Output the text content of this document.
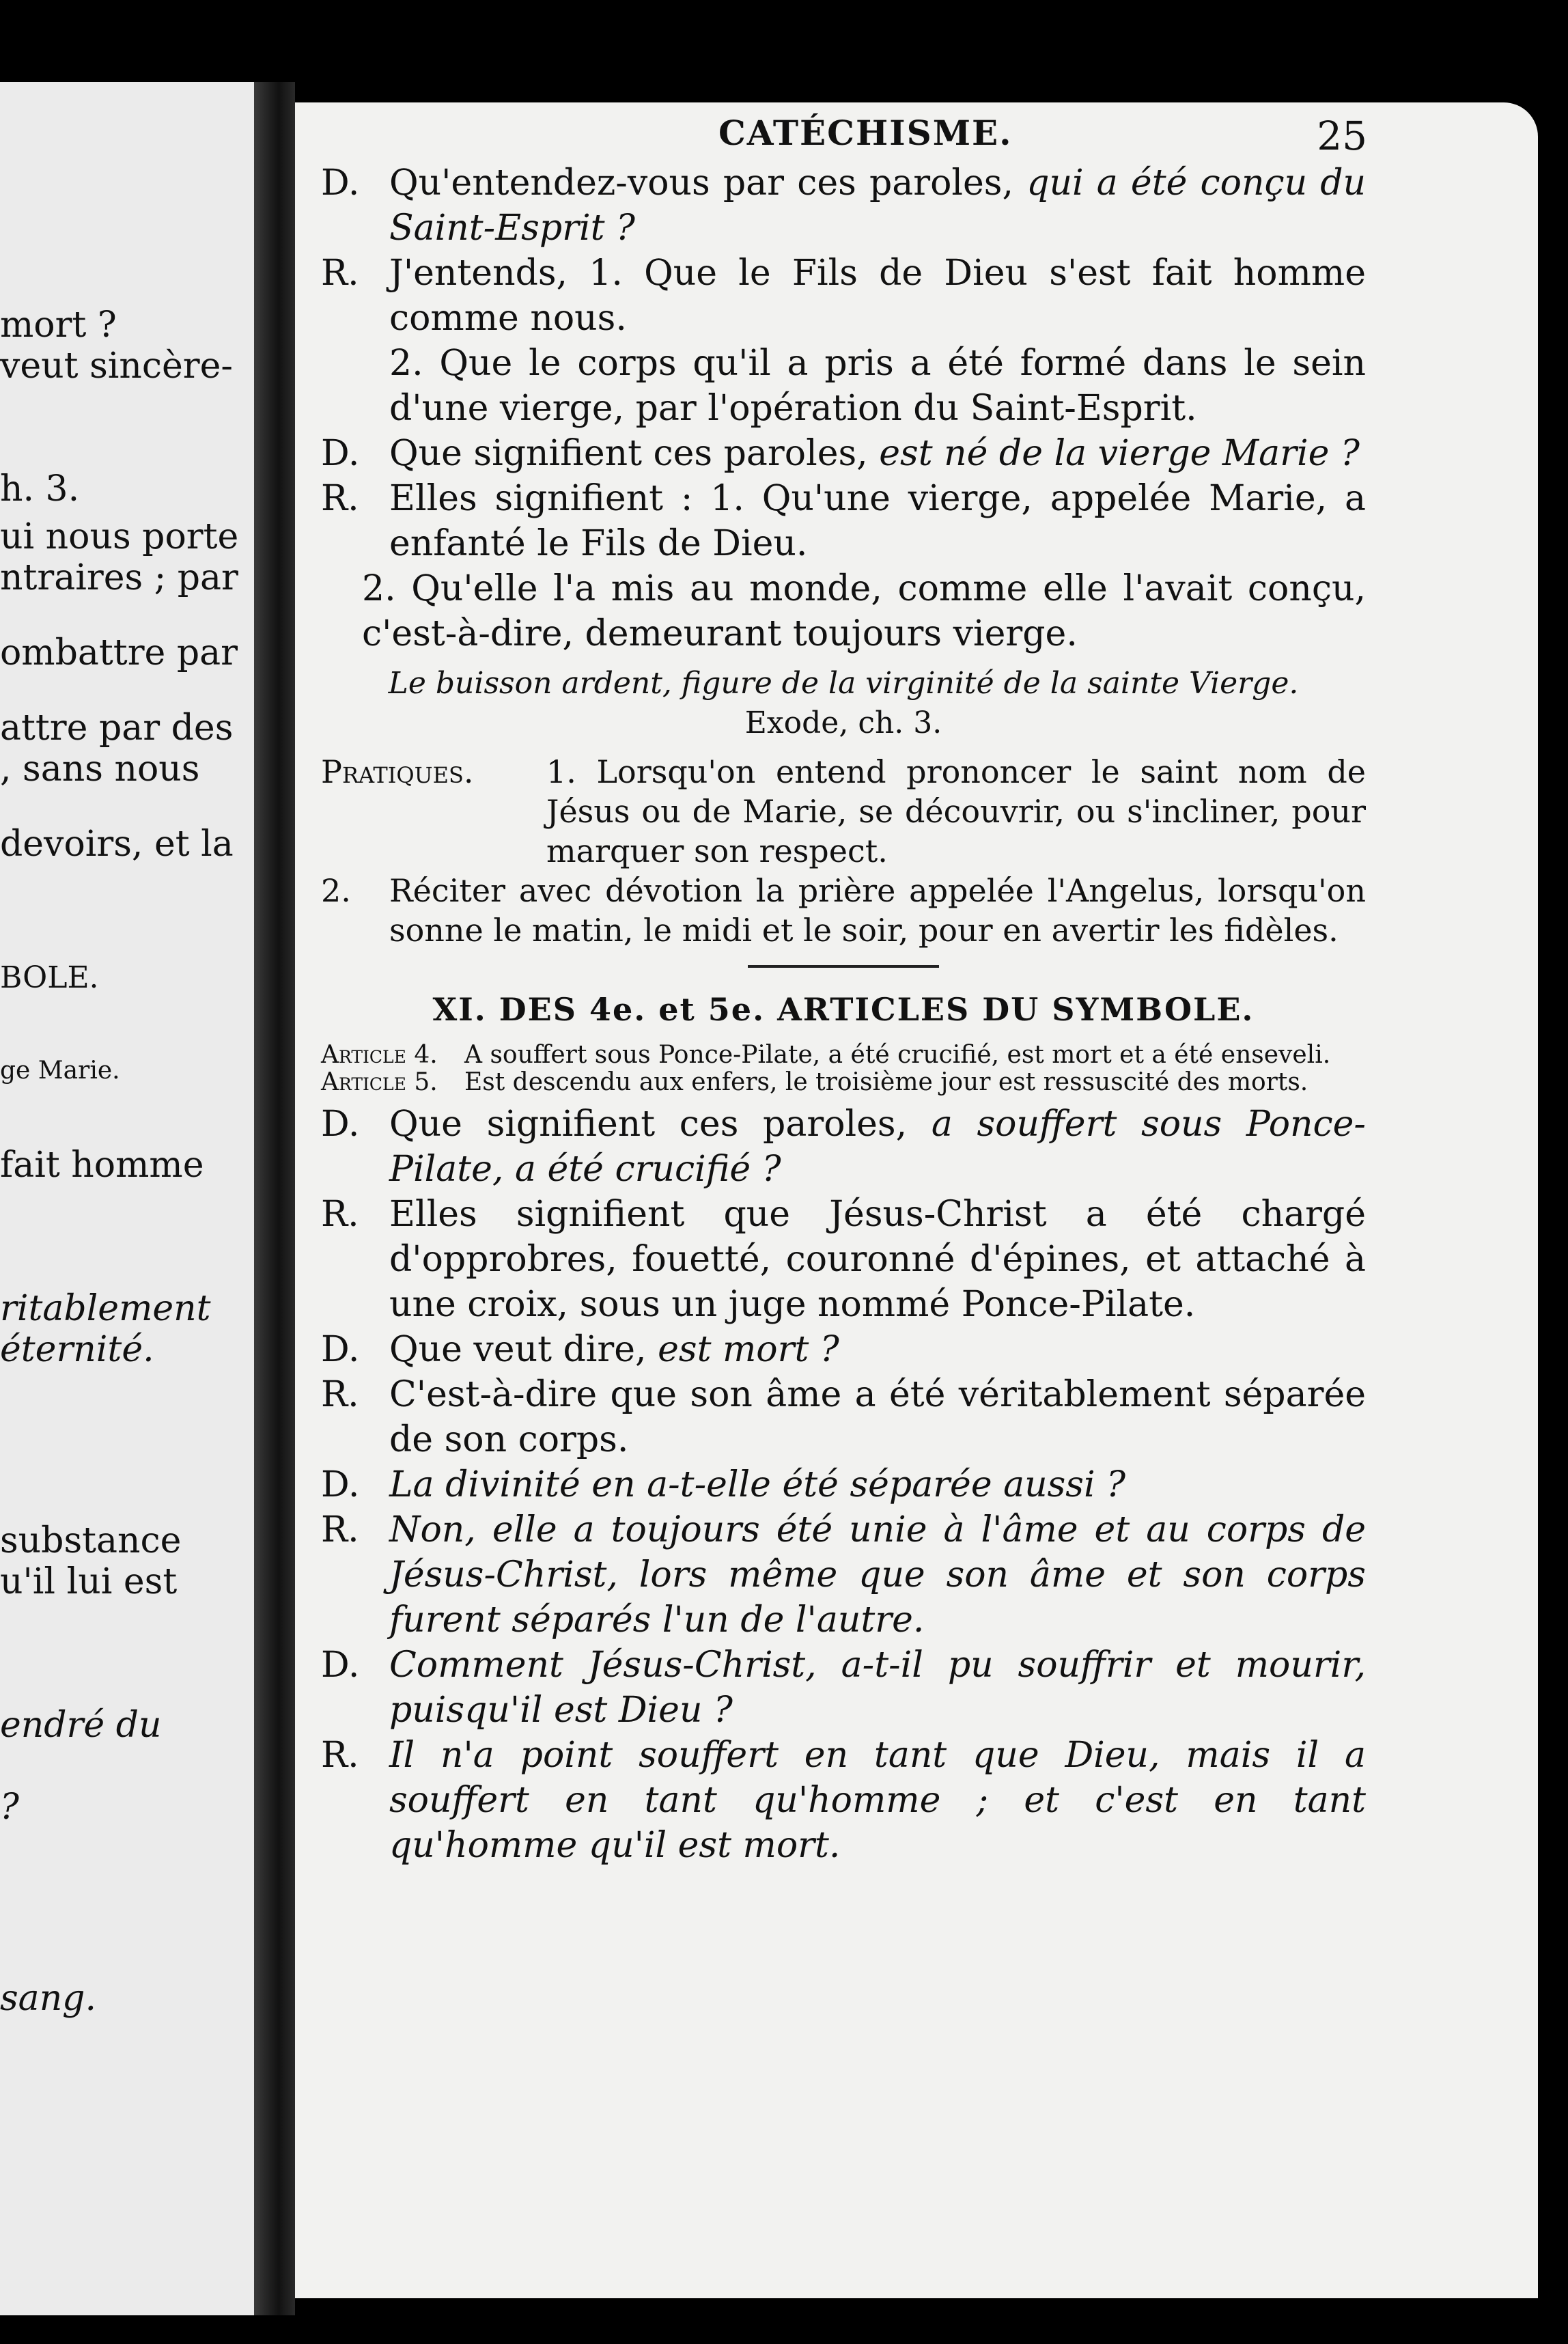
mort ?
veut sincère-
h. 3.
ui nous porte
ntraires ; par
ombattre par
attre par des
, sans nous
devoirs, et la
BOLE.
ge Marie.
fait homme
ritablement
éternité.
substance
u'il lui est
endré du
?
sang.
CATÉCHISME.	25
D. Qu'entendez-vous par ces paroles, qui a été conçu du Saint-Esprit ?
R. J'entends, 1. Que le Fils de Dieu s'est fait homme comme nous.
2. Que le corps qu'il a pris a été formé dans le sein d'une vierge, par l'opération du Saint-Esprit.
D. Que signifient ces paroles, est né de la vierge Marie ?
R. Elles signifient : 1. Qu'une vierge, appelée Marie, a enfanté le Fils de Dieu.
2. Qu'elle l'a mis au monde, comme elle l'avait conçu, c'est-à-dire, demeurant toujours vierge.
Le buisson ardent, figure de la virginité de la sainte Vierge.
Exode, ch. 3.
Pratiques.	1. Lorsqu'on entend prononcer le saint nom de Jésus ou de Marie, se découvrir, ou s'incliner, pour marquer son respect.
2.	Réciter avec dévotion la prière appelée l'Angelus, lorsqu'on sonne le matin, le midi et le soir, pour en avertir les fidèles.
XI. DES 4e. et 5e. ARTICLES DU SYMBOLE.
Article 4.	A souffert sous Ponce-Pilate, a été crucifié, est mort et a été enseveli.
Article 5.	Est descendu aux enfers, le troisième jour est ressuscité des morts.
D. Que signifient ces paroles, a souffert sous Ponce-Pilate, a été crucifié ?
R. Elles signifient que Jésus-Christ a été chargé d'opprobres, fouetté, couronné d'épines, et attaché à une croix, sous un juge nommé Ponce-Pilate.
D. Que veut dire, est mort ?
R. C'est-à-dire que son âme a été véritablement séparée de son corps.
D. La divinité en a-t-elle été séparée aussi ?
R. Non, elle a toujours été unie à l'âme et au corps de Jésus-Christ, lors même que son âme et son corps furent séparés l'un de l'autre.
D. Comment Jésus-Christ, a-t-il pu souffrir et mourir, puisqu'il est Dieu ?
R. Il n'a point souffert en tant que Dieu, mais il a souffert en tant qu'homme ; et c'est en tant qu'homme qu'il est mort.
